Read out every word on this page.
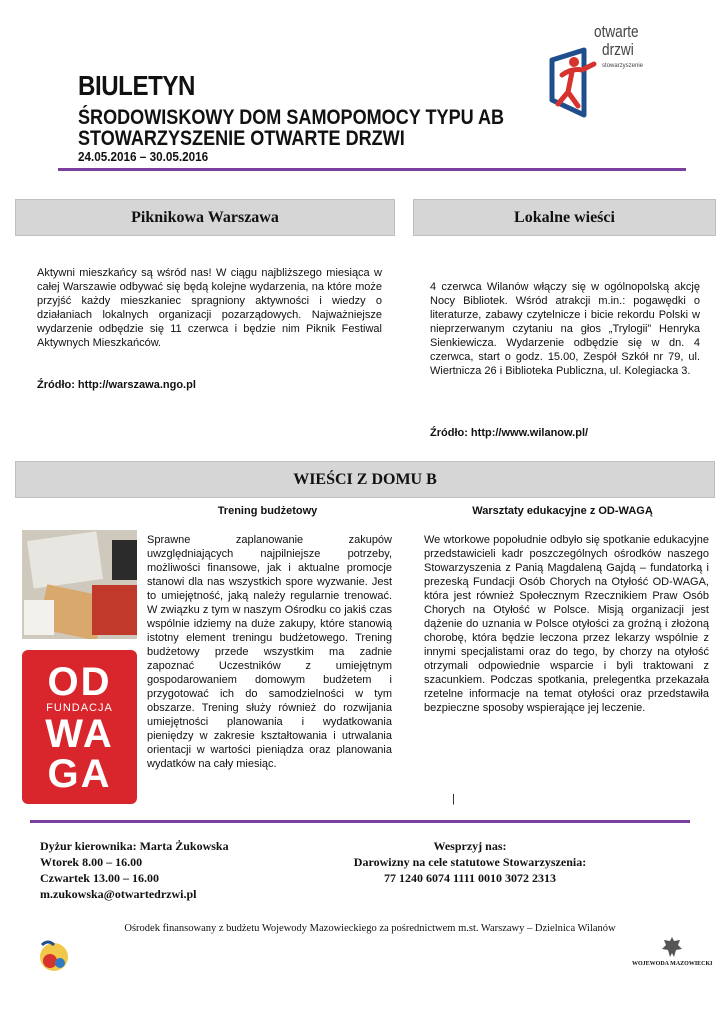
BIULETYN
ŚRODOWISKOWY DOM SAMOPOMOCY TYPU AB
STOWARZYSZENIE OTWARTE DRZWI
24.05.2016 – 30.05.2016
otwarte
drzwi
stowarzyszenie
Piknikowa Warszawa
Aktywni mieszkańcy są wśród nas! W ciągu najbliższego miesiąca w całej Warszawie odbywać się będą kolejne wydarzenia, na które może przyjść każdy mieszkaniec spragniony aktywności i wiedzy o działaniach lokalnych organizacji pozarządowych. Najważniejsze wydarzenie odbędzie się 11 czerwca i będzie nim Piknik Festiwal Aktywnych Mieszkańców.
Źródło: http://warszawa.ngo.pl
Lokalne wieści
4 czerwca Wilanów włączy się w ogólnopolską akcję Nocy Bibliotek. Wśród atrakcji m.in.: pogawędki o literaturze, zabawy czytelnicze i bicie rekordu Polski w nieprzerwanym czytaniu na głos „Trylogii” Henryka Sienkiewicza. Wydarzenie odbędzie się w dn. 4 czerwca, start o godz. 15.00, Zespół Szkół nr 79, ul. Wiertnicza 26 i Biblioteka Publiczna, ul. Kolegiacka 3.
Źródło: http://www.wilanow.pl/
WIEŚCI Z DOMU B
Trening budżetowy	Warsztaty edukacyjne z OD-WAGĄ
OD
FUNDACJA
WA
GA
Sprawne zaplanowanie zakupów uwzględniających najpilniejsze potrzeby, możliwości finansowe, jak i aktualne promocje stanowi dla nas wszystkich spore wyzwanie. Jest to umiejętność, jaką należy regularnie trenować. W związku z tym w naszym Ośrodku co jakiś czas wspólnie idziemy na duże zakupy, które stanowią istotny element treningu budżetowego. Trening budżetowy przede wszystkim ma zadnie zapoznać Uczestników z umiejętnym gospodarowaniem domowym budżetem i przygotować ich do samodzielności w tym obszarze. Trening służy również do rozwijania umiejętności planowania i wydatkowania pieniędzy w zakresie kształtowania i utrwalania orientacji w wartości pieniądza oraz planowania wydatków na cały miesiąc.
We wtorkowe popołudnie odbyło się spotkanie edukacyjne przedstawicieli kadr poszczególnych ośrodków naszego Stowarzyszenia z Panią Magdaleną Gajdą – fundatorką i prezeską Fundacji Osób Chorych na Otyłość OD-WAGA, która jest również Społecznym Rzecznikiem Praw Osób Chorych na Otyłość w Polsce. Misją organizacji jest dążenie do uznania w Polsce otyłości za groźną i złożoną chorobę, która będzie leczona przez lekarzy wspólnie z innymi specjalistami oraz do tego, by chorzy na otyłość otrzymali odpowiednie wsparcie i byli traktowani z szacunkiem. Podczas spotkania, prelegentka przekazała rzetelne informacje na temat otyłości oraz przedstawiła bezpieczne sposoby wspierające jej leczenie.
|
Dyżur kierownika: Marta Żukowska
Wtorek 8.00 – 16.00
Czwartek 13.00 – 16.00
m.zukowska@otwartedrzwi.pl
Wesprzyj nas:
Darowizny na cele statutowe Stowarzyszenia:
77 1240 6074 1111 0010 3072 2313
Ośrodek finansowany z budżetu Wojewody Mazowieckiego za pośrednictwem m.st. Warszawy – Dzielnica Wilanów
WOJEWODA MAZOWIECKI
